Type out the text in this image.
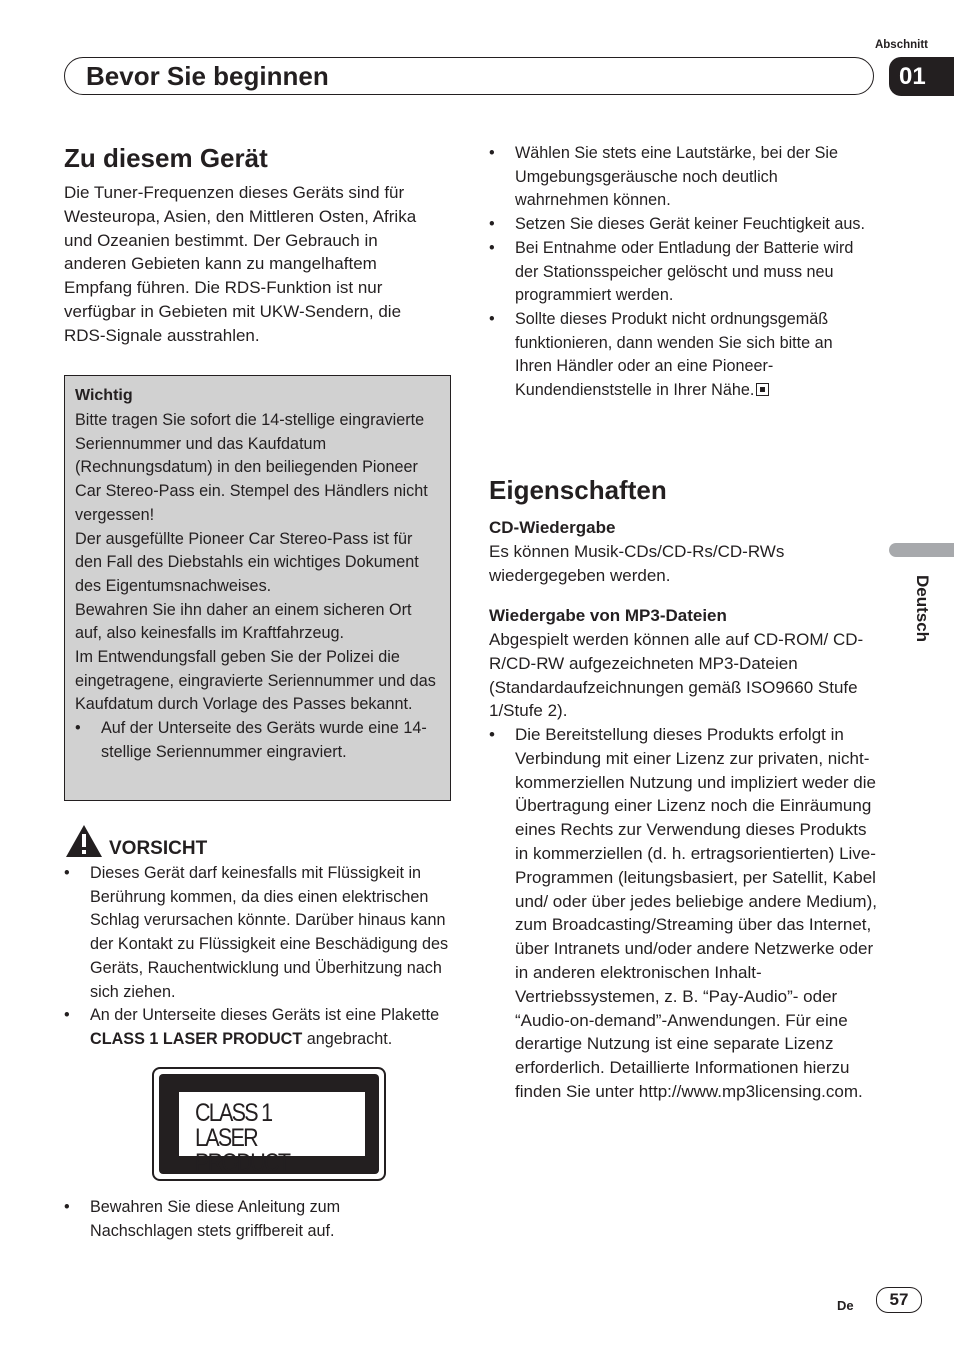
Abschnitt
Bevor Sie beginnen	01
Zu diesem Gerät
Die Tuner-Frequenzen dieses Geräts sind für Westeuropa, Asien, den Mittleren Osten, Afrika und Ozeanien bestimmt. Der Gebrauch in anderen Gebieten kann zu mangelhaftem Empfang führen. Die RDS-Funktion ist nur verfügbar in Gebieten mit UKW-Sendern, die RDS-Signale ausstrahlen.
Wichtig
Bitte tragen Sie sofort die 14-stellige eingravierte Seriennummer und das Kaufdatum (Rechnungsdatum) in den beiliegenden Pioneer Car Stereo-Pass ein. Stempel des Händlers nicht vergessen!
Der ausgefüllte Pioneer Car Stereo-Pass ist für den Fall des Diebstahls ein wichtiges Dokument des Eigentumsnachweises.
Bewahren Sie ihn daher an einem sicheren Ort auf, also keinesfalls im Kraftfahrzeug.
Im Entwendungsfall geben Sie der Polizei die eingetragene, eingravierte Seriennummer und das Kaufdatum durch Vorlage des Passes bekannt.
• Auf der Unterseite des Geräts wurde eine 14-stellige Seriennummer eingraviert.
VORSICHT
• Dieses Gerät darf keinesfalls mit Flüssigkeit in Berührung kommen, da dies einen elektrischen Schlag verursachen könnte. Darüber hinaus kann der Kontakt zu Flüssigkeit eine Beschädigung des Geräts, Rauchentwicklung und Überhitzung nach sich ziehen.
• An der Unterseite dieses Geräts ist eine Plakette CLASS 1 LASER PRODUCT angebracht.
CLASS 1
LASER PRODUCT
• Bewahren Sie diese Anleitung zum Nachschlagen stets griffbereit auf.
• Wählen Sie stets eine Lautstärke, bei der Sie Umgebungsgeräusche noch deutlich wahrnehmen können.
• Setzen Sie dieses Gerät keiner Feuchtigkeit aus.
• Bei Entnahme oder Entladung der Batterie wird der Stationsspeicher gelöscht und muss neu programmiert werden.
• Sollte dieses Produkt nicht ordnungsgemäß funktionieren, dann wenden Sie sich bitte an Ihren Händler oder an eine Pioneer-Kundendienststelle in Ihrer Nähe.
Eigenschaften
CD-Wiedergabe
Es können Musik-CDs/CD-Rs/CD-RWs wiedergegeben werden.
Wiedergabe von MP3-Dateien
Abgespielt werden können alle auf CD-ROM/ CD-R/CD-RW aufgezeichneten MP3-Dateien (Standardaufzeichnungen gemäß ISO9660 Stufe 1/Stufe 2).
• Die Bereitstellung dieses Produkts erfolgt in Verbindung mit einer Lizenz zur privaten, nicht-kommerziellen Nutzung und impliziert weder die Übertragung einer Lizenz noch die Einräumung eines Rechts zur Verwendung dieses Produkts in kommerziellen (d. h. ertragsorientierten) Live-Programmen (leitungsbasiert, per Satellit, Kabel und/ oder über jedes beliebige andere Medium), zum Broadcasting/Streaming über das Internet, über Intranets und/oder andere Netzwerke oder in anderen elektronischen Inhalt-Vertriebssystemen, z. B. “Pay-Audio”- oder “Audio-on-demand”-Anwendungen. Für eine derartige Nutzung ist eine separate Lizenz erforderlich. Detaillierte Informationen hierzu finden Sie unter http://www.mp3licensing.com.
Deutsch
De	57
